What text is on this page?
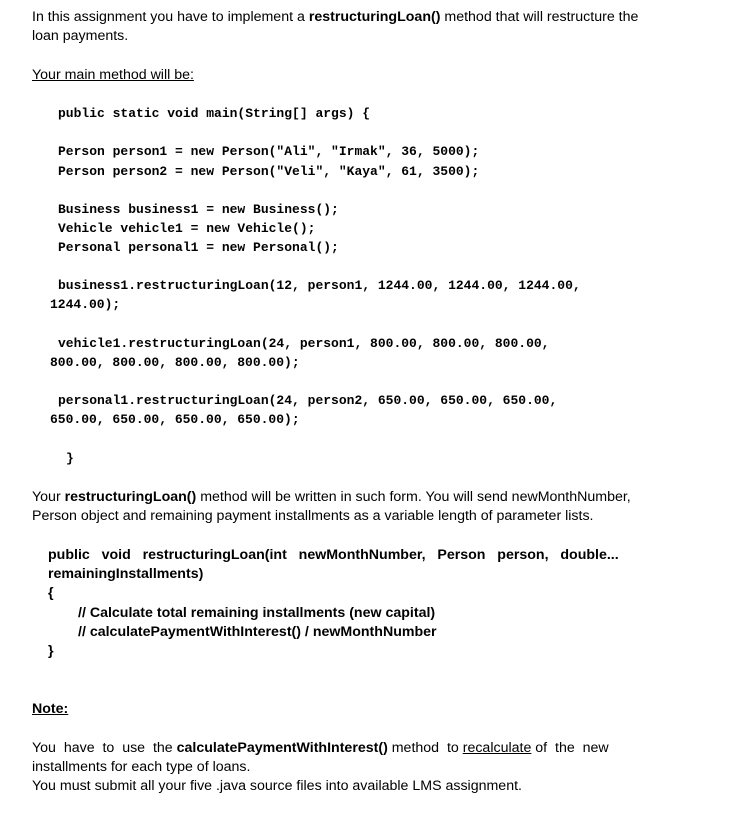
In this assignment you have to implement a restructuringLoan() method that will restructure the
loan payments.
Your main method will be:
public static void main(String[] args) {
Person person1 = new Person("Ali", "Irmak", 36, 5000);
Person person2 = new Person("Veli", "Kaya", 61, 3500);
Business business1 = new Business();
Vehicle vehicle1 = new Vehicle();
Personal personal1 = new Personal();
business1.restructuringLoan(12, person1, 1244.00, 1244.00, 1244.00,
1244.00);
vehicle1.restructuringLoan(24, person1, 800.00, 800.00, 800.00,
800.00, 800.00, 800.00, 800.00);
personal1.restructuringLoan(24, person2, 650.00, 650.00, 650.00,
650.00, 650.00, 650.00, 650.00);
}
Your restructuringLoan() method will be written in such form. You will send newMonthNumber,
Person object and remaining payment installments as a variable length of parameter lists.
public   void   restructuringLoan(int   newMonthNumber,   Person   person,   double...
remainingInstallments)
{
// Calculate total remaining installments (new capital)
// calculatePaymentWithInterest() / newMonthNumber
}
Note:
You  have  to  use  the calculatePaymentWithInterest() method  to recalculate of  the  new
installments for each type of loans.
You must submit all your five .java source files into available LMS assignment.
